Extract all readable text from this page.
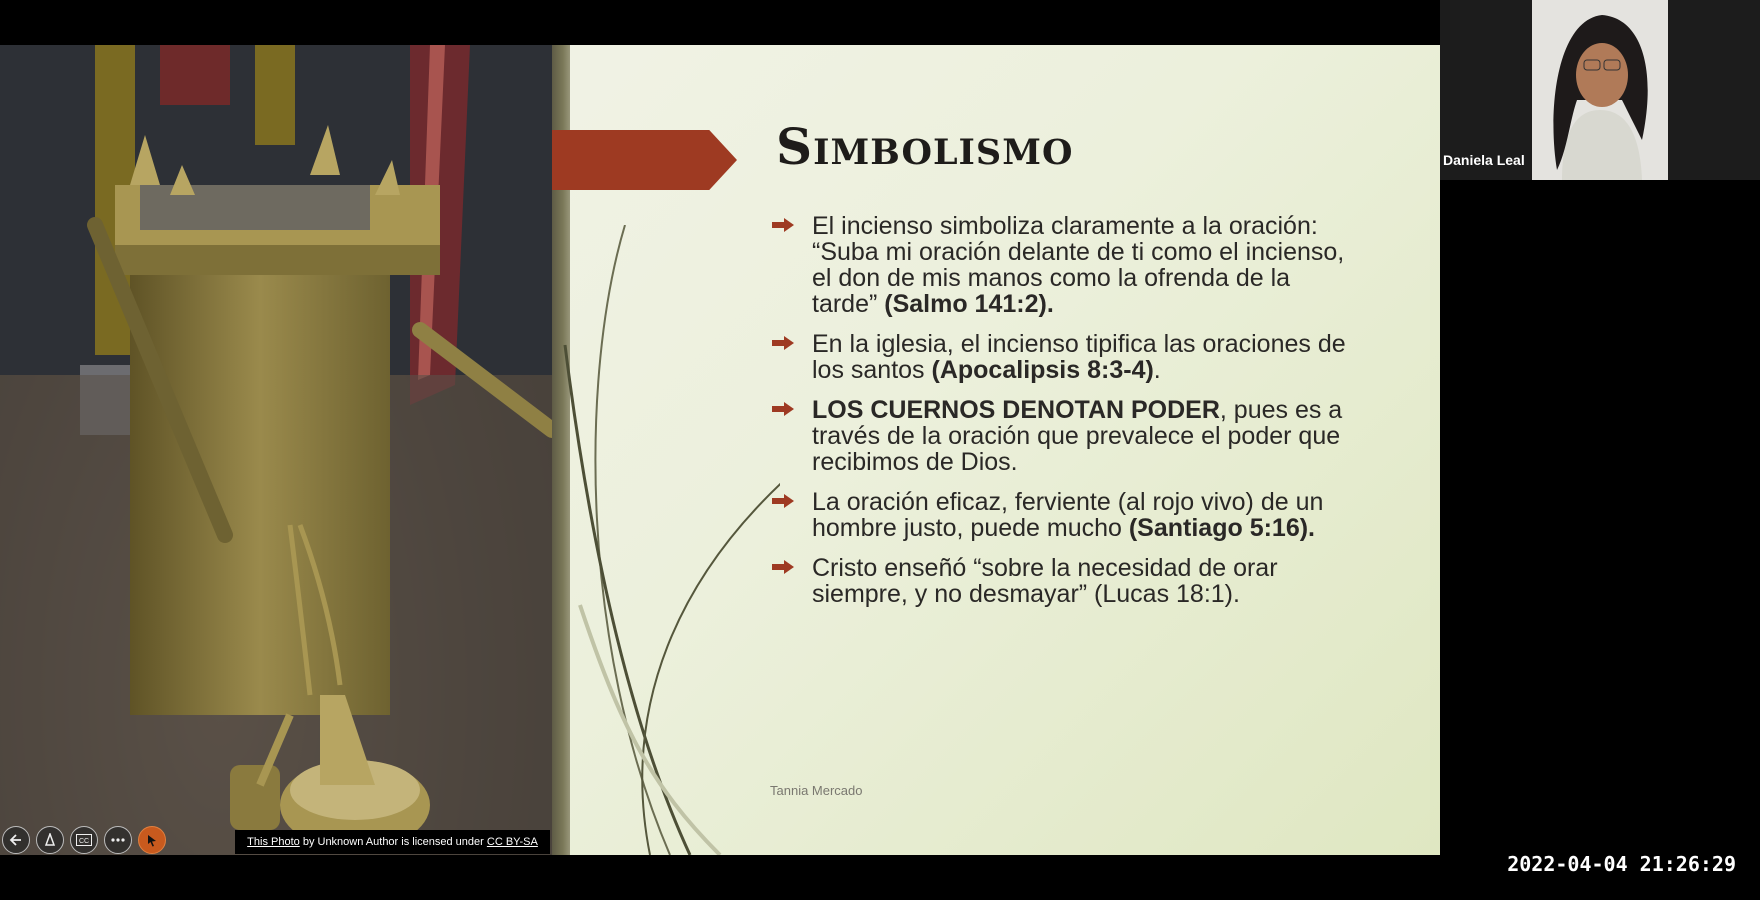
CC	This Photo by Unknown Author is licensed under CC BY-SA
Simbolismo
El incienso simboliza claramente a la oración: “Suba mi oración delante de ti como el incienso, el don de mis manos como la ofrenda de la tarde” (Salmo 141:2).
En la iglesia, el incienso tipifica las oraciones de los santos (Apocalipsis 8:3-4).
LOS CUERNOS DENOTAN PODER, pues es a través de la oración que prevalece el poder que recibimos de Dios.
La oración eficaz, ferviente (al rojo vivo) de un hombre justo, puede mucho (Santiago 5:16).
Cristo enseñó “sobre la necesidad de orar siempre, y no desmayar” (Lucas 18:1).
Tannia Mercado
Daniela Leal
2022-04-04 21:26:29
